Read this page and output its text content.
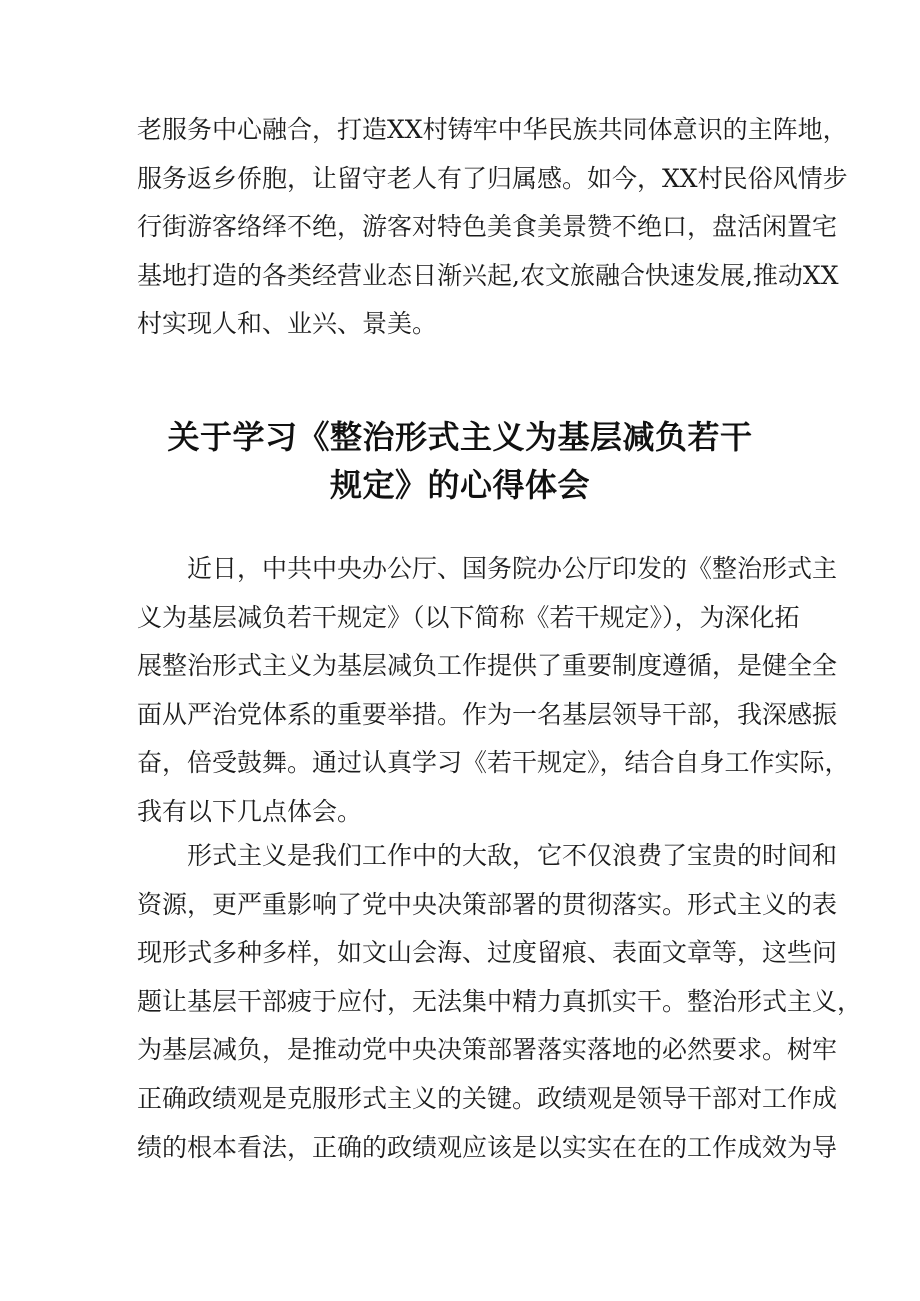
老服务中心融合，打造XX村铸牢中华民族共同体意识的主阵地，

服务返乡侨胞，让留守老人有了归属感。如今，XX村民俗风情步

行街游客络绎不绝，游客对特色美食美景赞不绝口，盘活闲置宅

基地打造的各类经营业态日渐兴起,农文旅融合快速发展,推动XX

村实现人和、业兴、景美。

关于学习《整治形式主义为基层减负若干
规定》的心得体会

近日，中共中央办公厅、国务院办公厅印发的《整治形式主

义为基层减负若干规定》（以下简称《若干规定》），为深化拓

展整治形式主义为基层减负工作提供了重要制度遵循，是健全全

面从严治党体系的重要举措。作为一名基层领导干部，我深感振

奋，倍受鼓舞。通过认真学习《若干规定》，结合自身工作实际，

我有以下几点体会。

形式主义是我们工作中的大敌，它不仅浪费了宝贵的时间和

资源，更严重影响了党中央决策部署的贯彻落实。形式主义的表

现形式多种多样，如文山会海、过度留痕、表面文章等，这些问

题让基层干部疲于应付，无法集中精力真抓实干。整治形式主义，

为基层减负，是推动党中央决策部署落实落地的必然要求。树牢

正确政绩观是克服形式主义的关键。政绩观是领导干部对工作成

绩的根本看法，正确的政绩观应该是以实实在在的工作成效为导
